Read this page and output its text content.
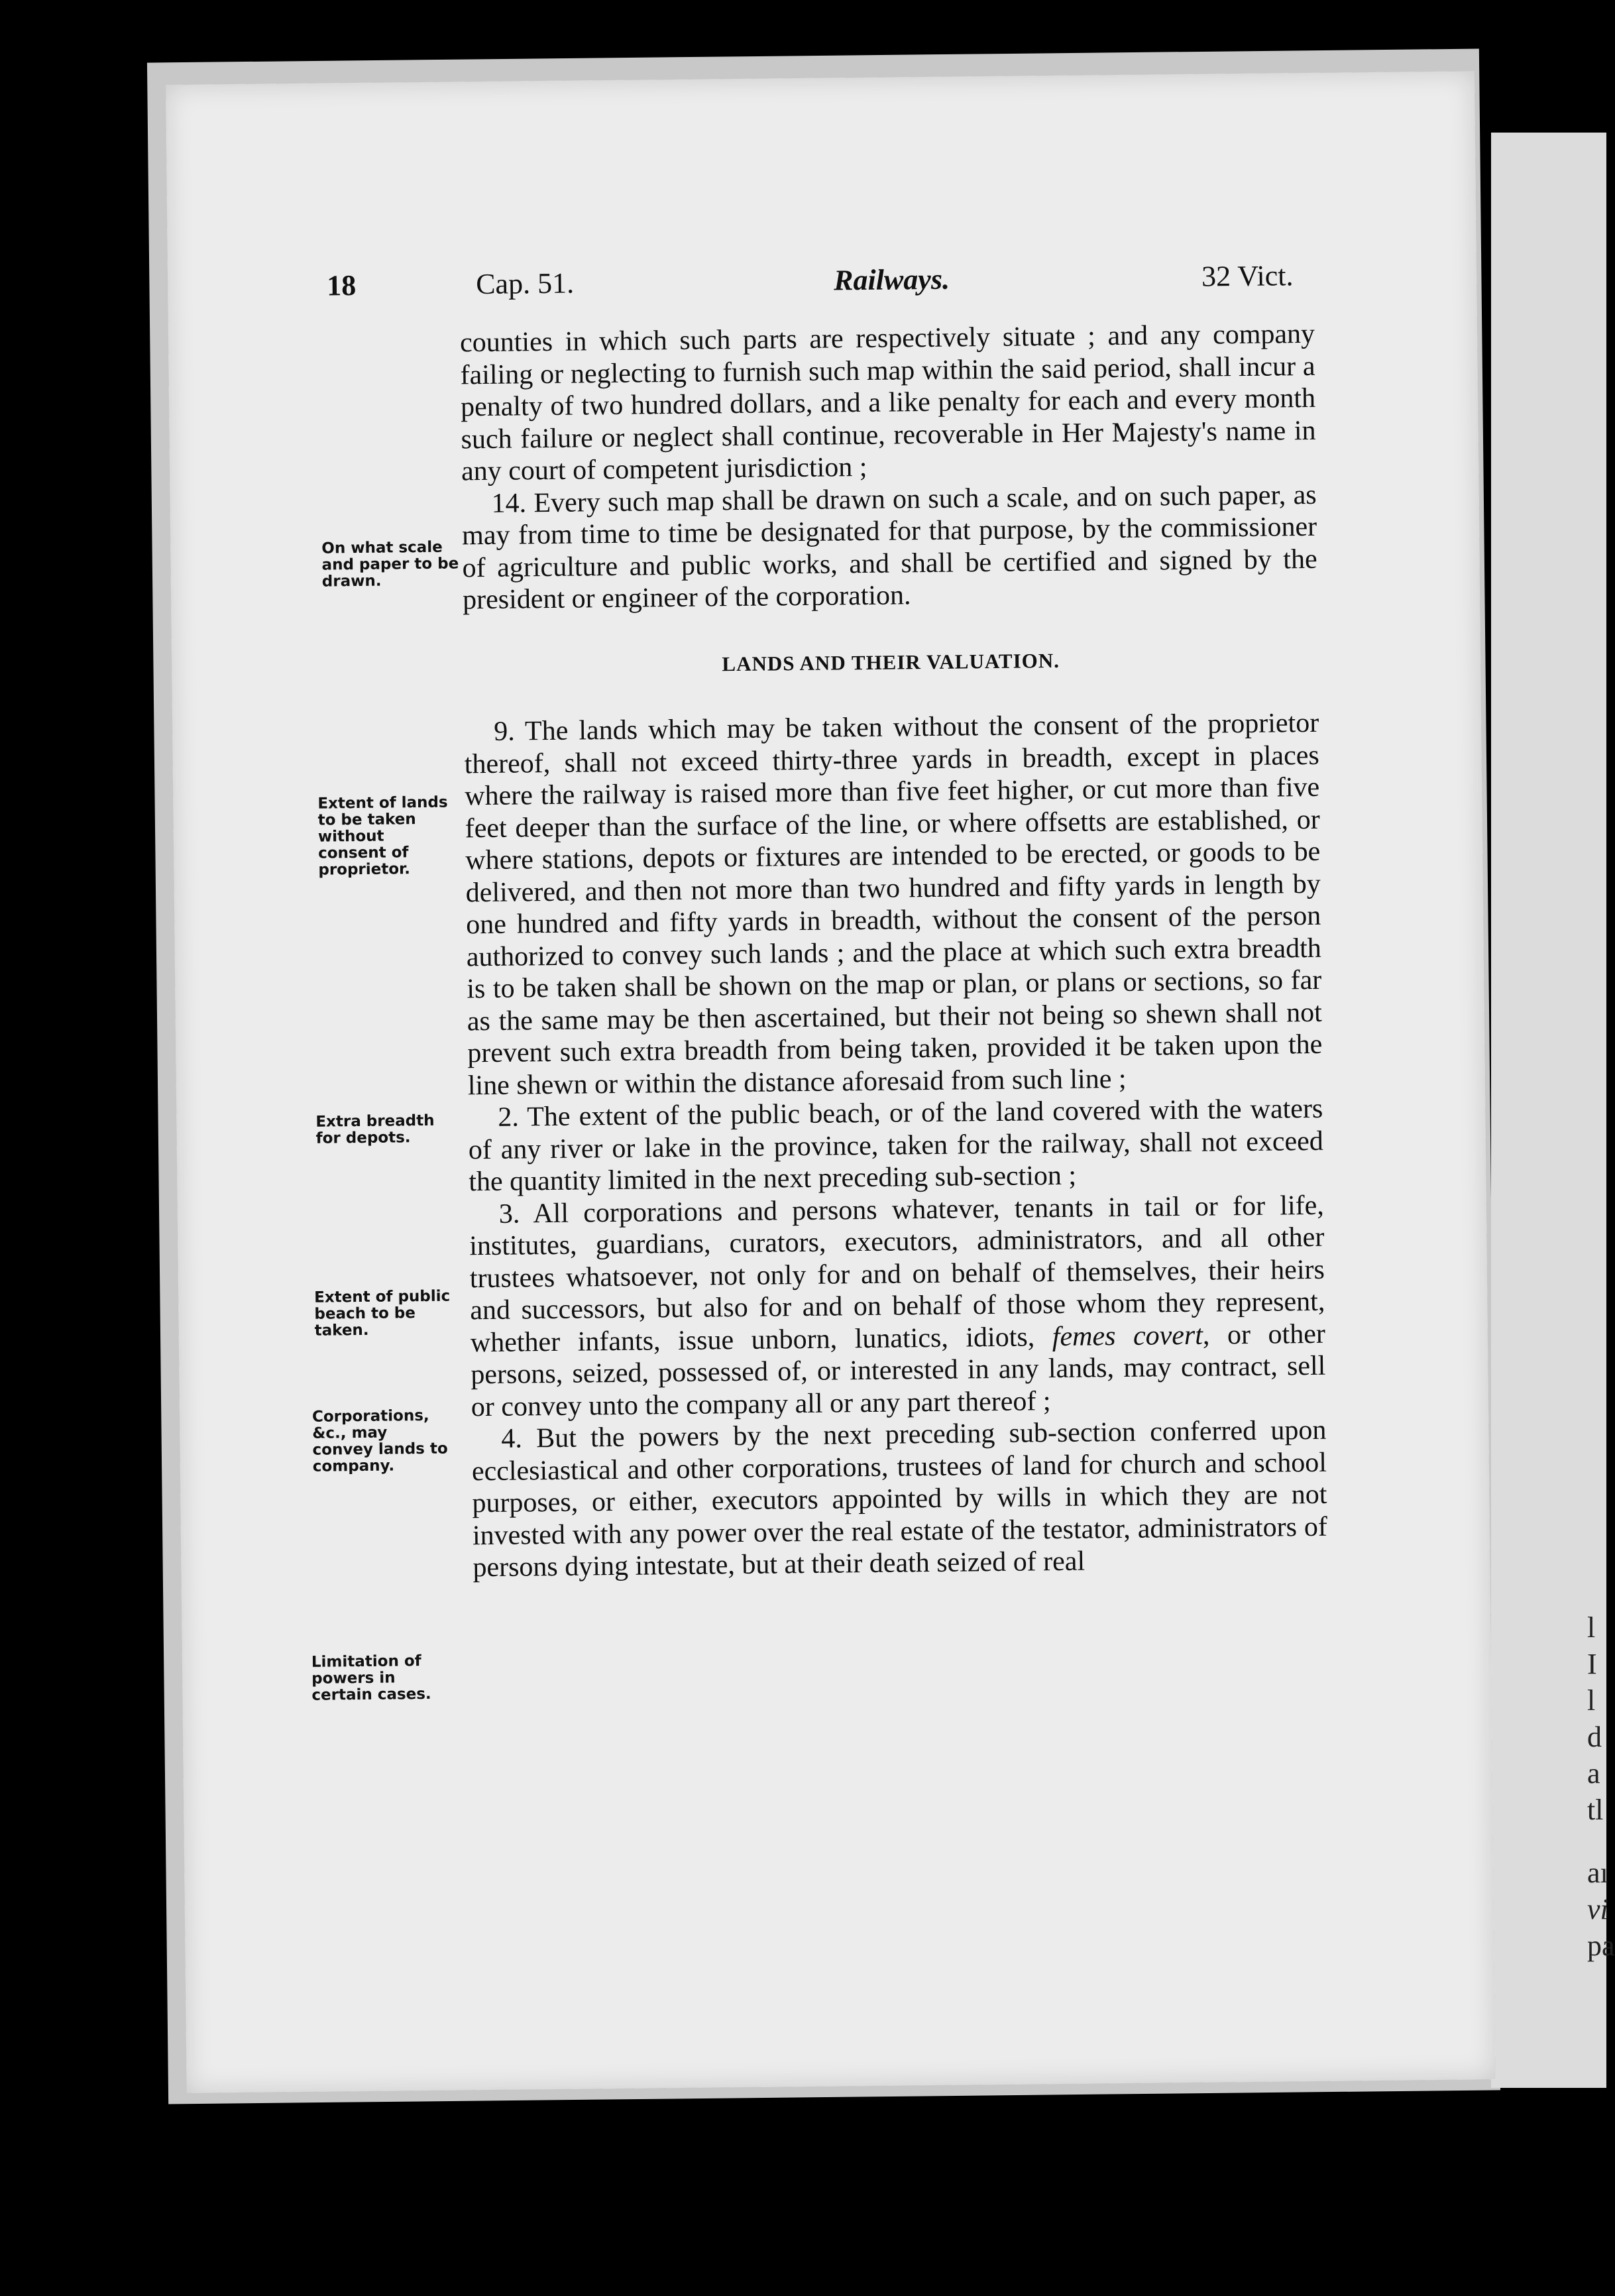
l
I
l
d
a
tl
aı
vi
pa
18	Cap. 51.	Railways.	32 Vict.
On what scale and paper to be drawn.
Extent of lands to be taken without consent of proprietor.
Extra breadth for depots.
Extent of public beach to be taken.
Corporations, &c., may convey lands to company.
Limitation of powers in certain cases.

counties in which such parts are respectively situate ; and any company failing or neglecting to furnish such map within the said period, shall incur a penalty of two hundred dollars, and a like penalty for each and every month such failure or neglect shall continue, recoverable in Her Majesty's name in any court of competent jurisdiction ;

14. Every such map shall be drawn on such a scale, and on such paper, as may from time to time be designated for that purpose, by the commissioner of agriculture and public works, and shall be certified and signed by the president or engineer of the corporation.

LANDS AND THEIR VALUATION.

9. The lands which may be taken without the consent of the proprietor thereof, shall not exceed thirty-three yards in breadth, except in places where the railway is raised more than five feet higher, or cut more than five feet deeper than the surface of the line, or where offsetts are established, or where stations, depots or fixtures are intended to be erected, or goods to be delivered, and then not more than two hundred and fifty yards in length by one hundred and fifty yards in breadth, without the consent of the person authorized to convey such lands ; and the place at which such extra breadth is to be taken shall be shown on the map or plan, or plans or sections, so far as the same may be then ascertained, but their not being so shewn shall not prevent such extra breadth from being taken, provided it be taken upon the line shewn or within the distance aforesaid from such line ;

2. The extent of the public beach, or of the land covered with the waters of any river or lake in the province, taken for the railway, shall not exceed the quantity limited in the next preceding sub-section ;

3. All corporations and persons whatever, tenants in tail or for life, institutes, guardians, curators, executors, administrators, and all other trustees whatsoever, not only for and on behalf of themselves, their heirs and successors, but also for and on behalf of those whom they represent, whether infants, issue unborn, lunatics, idiots, femes covert, or other persons, seized, possessed of, or interested in any lands, may contract, sell or convey unto the company all or any part thereof ;

4. But the powers by the next preceding sub-section conferred upon ecclesiastical and other corporations, trustees of land for church and school purposes, or either, executors appointed by wills in which they are not invested with any power over the real estate of the testator, administrators of persons dying intestate, but at their death seized of real
